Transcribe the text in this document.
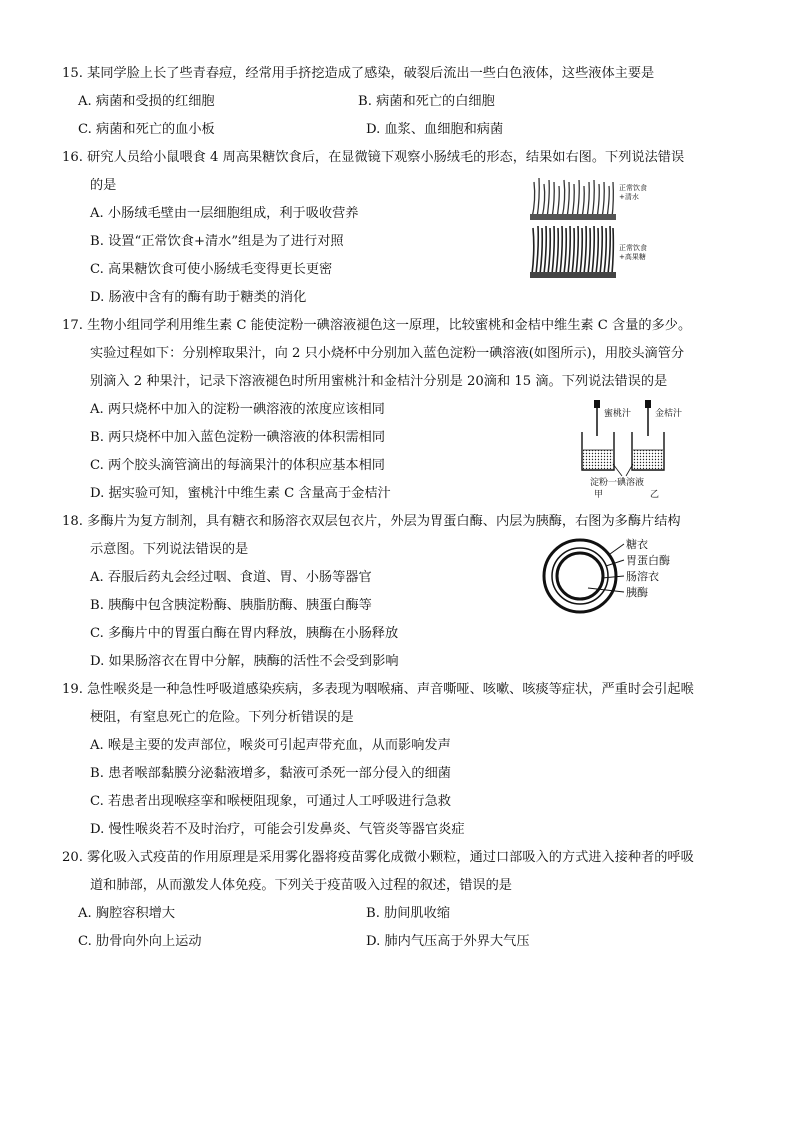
15. 某同学脸上长了些青春痘，经常用手挤挖造成了感染，破裂后流出一些白色液体，这些液体主要是
A. 病菌和受损的红细胞	B. 病菌和死亡的白细胞
C. 病菌和死亡的血小板	D. 血浆、血细胞和病菌
16. 研究人员给小鼠喂食 4 周高果糖饮食后，在显微镜下观察小肠绒毛的形态，结果如右图。下列说法错误
的是
A. 小肠绒毛壁由一层细胞组成，利于吸收营养
B. 设置“正常饮食+清水”组是为了进行对照
C. 高果糖饮食可使小肠绒毛变得更长更密
D. 肠液中含有的酶有助于糖类的消化
正常饮食
+清水
正常饮食
+高果糖
17. 生物小组同学利用维生素 C 能使淀粉一碘溶液褪色这一原理，比较蜜桃和金桔中维生素 C 含量的多少。
实验过程如下：分别榨取果汁，向 2 只小烧杯中分别加入蓝色淀粉一碘溶液(如图所示)，用胶头滴管分
别滴入 2 种果汁，记录下溶液褪色时所用蜜桃汁和金桔汁分别是 20滴和 15 滴。下列说法错误的是
A. 两只烧杯中加入的淀粉一碘溶液的浓度应该相同
B. 两只烧杯中加入蓝色淀粉一碘溶液的体积需相同
C. 两个胶头滴管滴出的每滴果汁的体积应基本相同
D. 据实验可知，蜜桃汁中维生素 C 含量高于金桔汁
蜜桃汁	金桔汁
淀粉一碘溶液
甲	乙
18. 多酶片为复方制剂，具有糖衣和肠溶衣双层包衣片，外层为胃蛋白酶、内层为胰酶，右图为多酶片结构
示意图。下列说法错误的是
A. 吞服后药丸会经过咽、食道、胃、小肠等器官
B. 胰酶中包含胰淀粉酶、胰脂肪酶、胰蛋白酶等
C. 多酶片中的胃蛋白酶在胃内释放，胰酶在小肠释放
D. 如果肠溶衣在胃中分解，胰酶的活性不会受到影响
糖衣
胃蛋白酶
肠溶衣
胰酶
19. 急性喉炎是一种急性呼吸道感染疾病，多表现为咽喉痛、声音嘶哑、咳嗽、咳痰等症状，严重时会引起喉
梗阻，有窒息死亡的危险。下列分析错误的是
A. 喉是主要的发声部位，喉炎可引起声带充血，从而影响发声
B. 患者喉部黏膜分泌黏液增多，黏液可杀死一部分侵入的细菌
C. 若患者出现喉痉挛和喉梗阻现象，可通过人工呼吸进行急救
D. 慢性喉炎若不及时治疗，可能会引发鼻炎、气管炎等器官炎症
20. 雾化吸入式疫苗的作用原理是采用雾化器将疫苗雾化成微小颗粒，通过口部吸入的方式进入接种者的呼吸
道和肺部，从而激发人体免疫。下列关于疫苗吸入过程的叙述，错误的是
A. 胸腔容积增大	B. 肋间肌收缩
C. 肋骨向外向上运动	D. 肺内气压高于外界大气压
